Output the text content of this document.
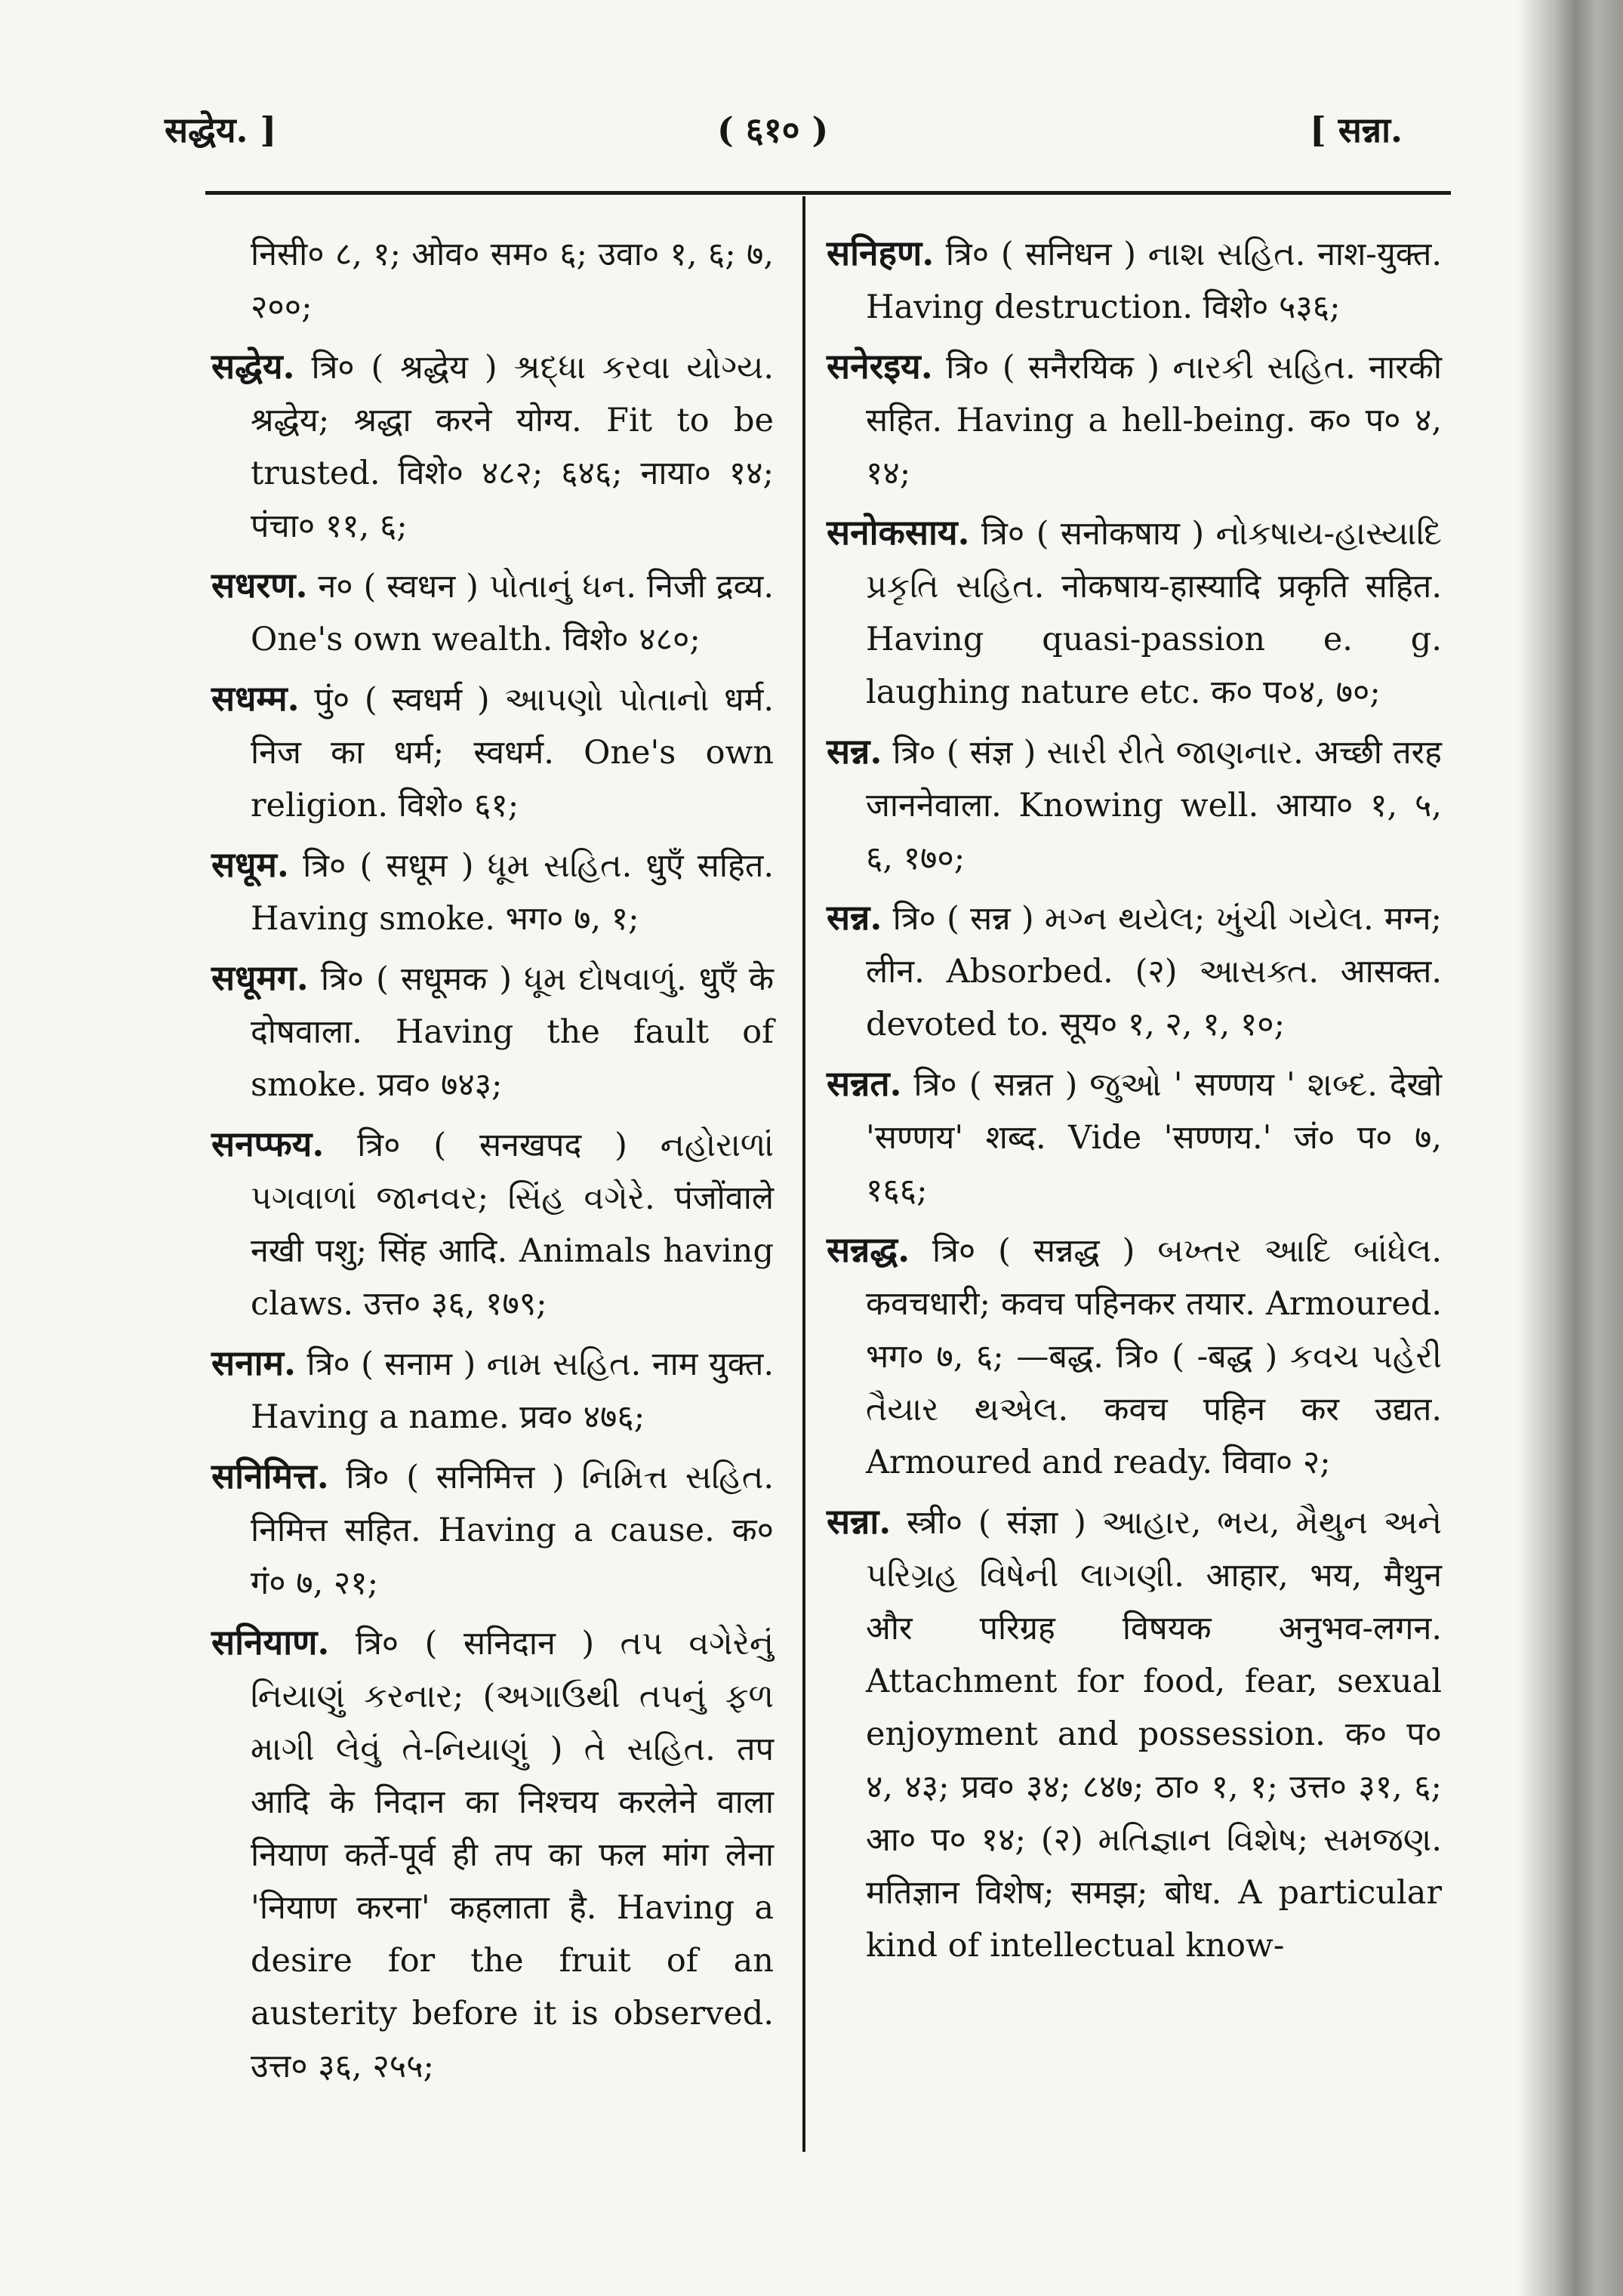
सद्धेय. ]	( ६१० )	[ सन्ना.

निसी० ८, १; ओव० सम० ६; उवा० १, ६; ७, २००;

सद्धेय. त्रि० ( श्रद्धेय ) શ્રદ્ધા કરવા યોગ્ય. श्रद्धेय; श्रद्धा करने योग्य. Fit to be trusted. विशे० ४८२; ६४६; नाया० १४; पंचा० ११, ६;

सधरण. न० ( स्वधन ) પોતાનું ધન. निजी द्रव्य. One's own wealth. विशे० ४८०;

सधम्म. पुं० ( स्वधर्म ) આપણો પોતાનો धर्म. निज का धर्म; स्वधर्म. One's own religion. विशे० ६१;

सधूम. त्रि० ( सधूम ) ધૂમ સહિત. धुएँ सहित. Having smoke. भग० ७, १;

सधूमग. त्रि० ( सधूमक ) ધૂમ દોષવાળું. धुएँ के दोषवाला. Having the fault of smoke. प्रव० ७४३;

सनप्फय. त्रि० ( सनखपद ) નહોરાળાં પગવાળાં જાનવર; સિંહ વગેરે. पंजोंवाले नखी पशु; सिंह आदि. Animals having claws. उत्त० ३६, १७९;

सनाम. त्रि० ( सनाम ) નામ સહિત. नाम युक्त. Having a name. प्रव० ४७६;

सनिमित्त. त्रि० ( सनिमित्त ) નિમિત્ત સહિત. निमित्त सहित. Having a cause. क० गं० ७, २१;

सनियाण. त्रि० ( सनिदान ) તપ વગેરેનું નિયાણું કરનાર; (અગાઉથી તપનું ફળ માગી લેવું તે-નિયાણું ) તે સહિત. तप आदि के निदान का निश्चय करलेने वाला नियाण कर्ते-पूर्व ही तप का फल मांग लेना 'नियाण करना' कहलाता है. Having a desire for the fruit of an austerity before it is observed. उत्त० ३६, २५५;

सनिहण. त्रि० ( सनिधन ) નાશ સહિત. नाश-युक्त. Having destruction. विशे० ५३६;

सनेरइय. त्रि० ( सनैरयिक ) નારકી સહિત. नारकी सहित. Having a hell-being. क० प० ४, १४;

सनोकसाय. त्रि० ( सनोकषाय ) નોકષાય-હાસ્યાદિ પ્રકૃતિ સહિત. नोकषाय-हास्यादि प्रकृति सहित. Having quasi-passion e. g. laughing nature etc. क० प०४, ७०;

सन्न. त्रि० ( संज्ञ ) સારી રીતે જાણનાર. अच्छी तरह जाननेवाला. Knowing well. आया० १, ५, ६, १७०;

सन्न. त्रि० ( सन्न ) મગ્ન થયેલ; ખુંચી ગયેલ. मग्न; लीन. Absorbed. (२) આસક્ત. आसक्त. devoted to. सूय० १, २, १, १०;

सन्नत. त्रि० ( सन्नत ) જુઓ ' सण्णय ' શબ્દ. देखो 'सण्णय' शब्द. Vide 'सण्णय.' जं० प० ७, १६६;

सन्नद्ध. त्रि० ( सन्नद्ध ) બખ્તર આદિ બાંધેલ. कवचधारी; कवच पहिनकर तयार. Armoured. भग० ७, ६; —बद्ध. त्रि० ( -बद्ध ) કવચ પહેરી તૈયાર થએલ. कवच पहिन कर उद्यत. Armoured and ready. विवा० २;

सन्ना. स्त्री० ( संज्ञा ) આહાર, ભય, મૈથુન અને પરિગ્રહ વિષેની લાગણી. आहार, भय, मैथुन और परिग्रह विषयक अनुभव-लगन. Attachment for food, fear, sexual enjoyment and possession. क० प० ४, ४३; प्रव० ३४; ८४७; ठा० १, १; उत्त० ३१, ६; आ० प० १४; (२) મતિજ્ઞાન વિશેષ; સમજણ. मतिज्ञान विशेष; समझ; बोध. A particular kind of intellectual know-
